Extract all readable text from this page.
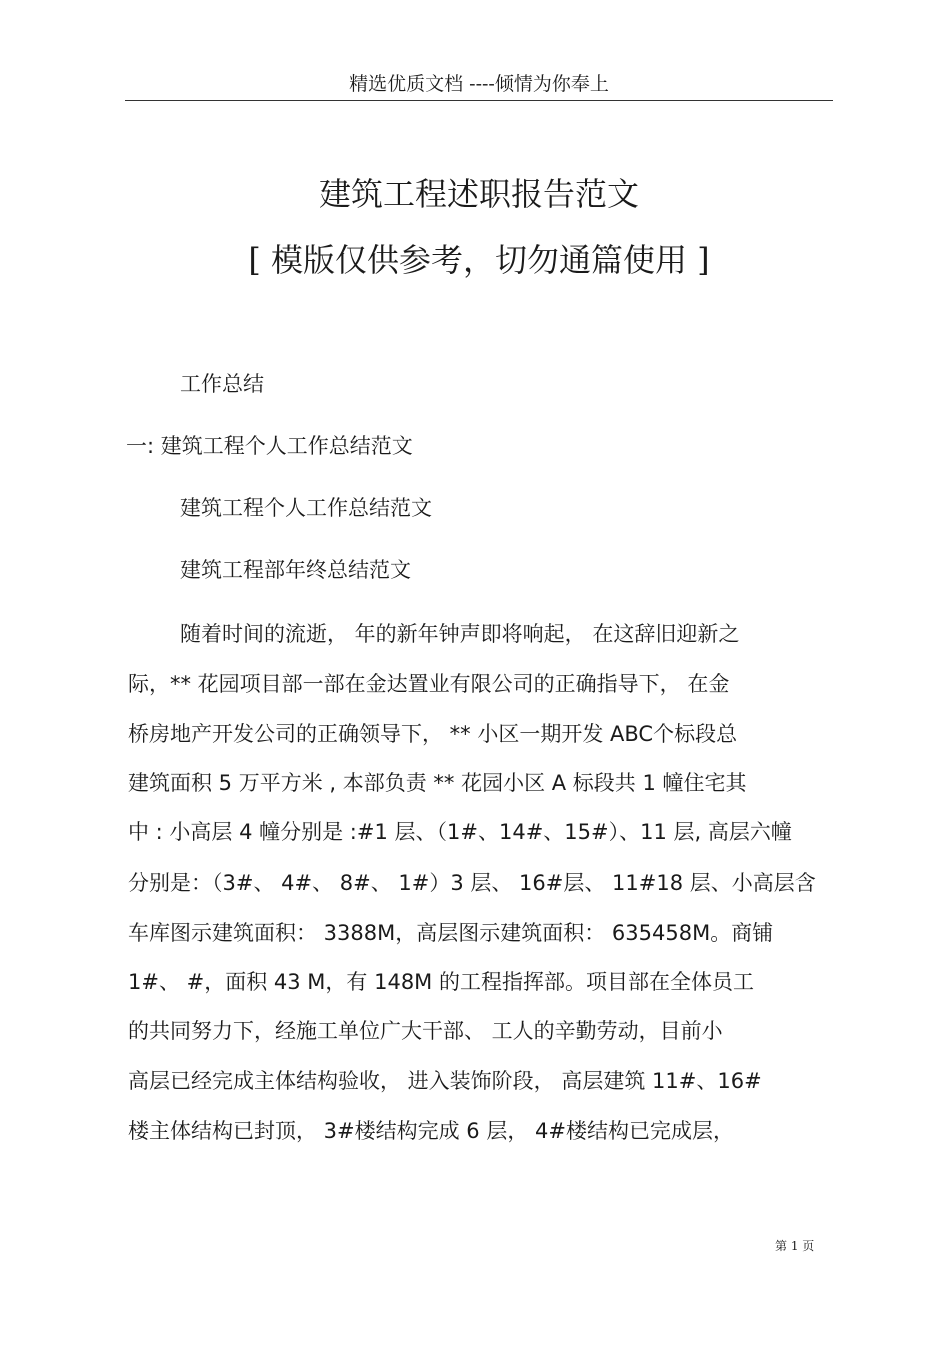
精选优质文档 ----倾情为你奉上
建筑工程述职报告范文
[ 模版仅供参考，切勿通篇使用 ]
工作总结
一: 建筑工程个人工作总结范文
建筑工程个人工作总结范文
建筑工程部年终总结范文
随着时间的流逝， 年的新年钟声即将响起， 在这辞旧迎新之
际，** 花园项目部一部在金达置业有限公司的正确指导下， 在金
桥房地产开发公司的正确领导下， ** 小区一期开发 ABC个标段总
建筑面积 5 万平方米 , 本部负责 ** 花园小区 A 标段共 1 幢住宅其
中 : 小高层 4 幢分别是 :#1 层、（1#、14#、15#）、11 层, 高层六幢
分别是：（3#、 4#、 8#、 1#）3 层、 16#层、 11#18 层、小高层含
车库图示建筑面积： 3388M，高层图示建筑面积： 635458M。商铺
1#、 #，面积 43 M，有 148M 的工程指挥部。项目部在全体员工
的共同努力下，经施工单位广大干部、 工人的辛勤劳动，目前小
高层已经完成主体结构验收， 进入装饰阶段， 高层建筑 11#、16#
楼主体结构已封顶， 3#楼结构完成 6 层， 4#楼结构已完成层，
第 1 页
